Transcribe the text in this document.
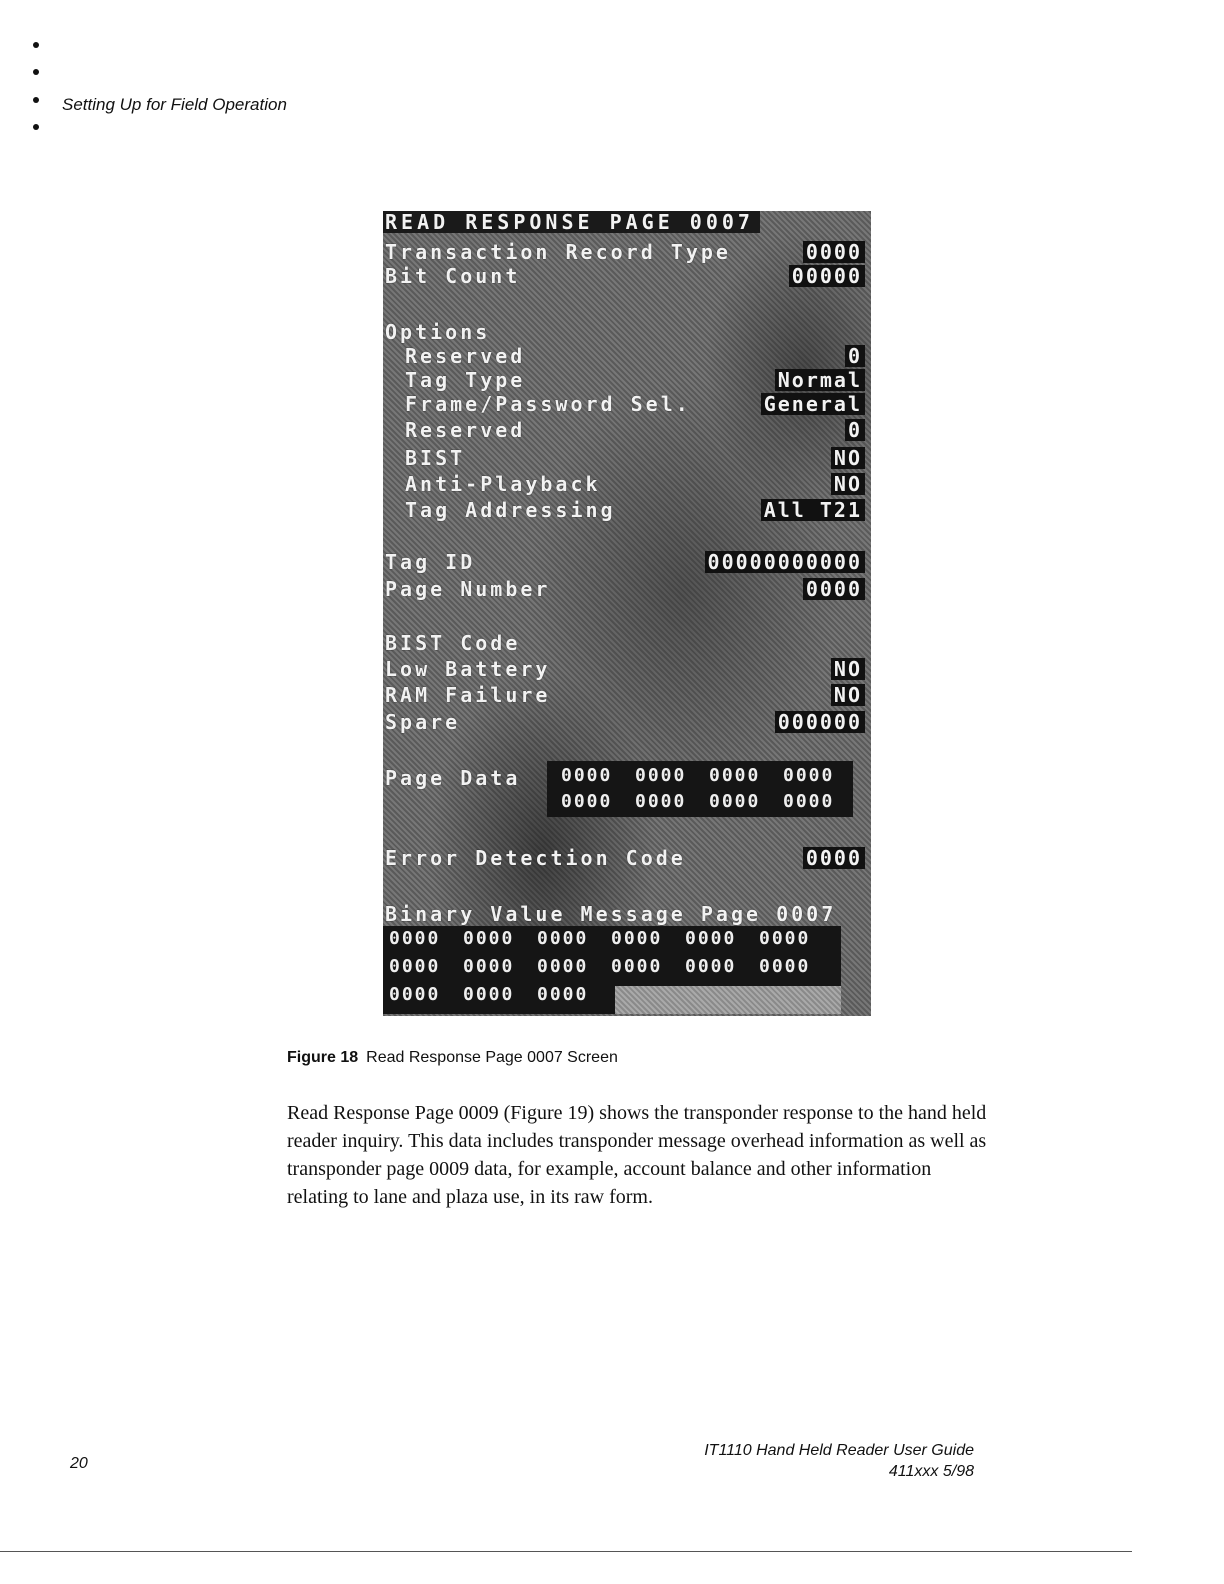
Setting Up for Field Operation
READ RESPONSE PAGE 0007
Transaction Record Type	0000
Bit Count	00000
Options
Reserved	0
Tag Type	Normal
Frame/Password Sel.	General
Reserved	0
BIST	NO
Anti-Playback	NO
Tag Addressing	All T21
Tag ID	00000000000
Page Number	0000
BIST Code
Low Battery	NO
RAM Failure	NO
Spare	000000
Page Data	0000 0000 0000 0000
0000 0000 0000 0000
Error Detection Code	0000
Binary Value Message Page 0007
0000 0000 0000 0000 0000 0000
0000 0000 0000 0000 0000 0000
0000 0000 0000

Figure 18 Read Response Page 0007 Screen

Read Response Page 0009 (Figure 19) shows the transponder response to the hand held reader inquiry. This data includes transponder message overhead information as well as transponder page 0009 data, for example, account balance and other information relating to lane and plaza use, in its raw form.

20
IT1110 Hand Held Reader User Guide
411xxx 5/98
